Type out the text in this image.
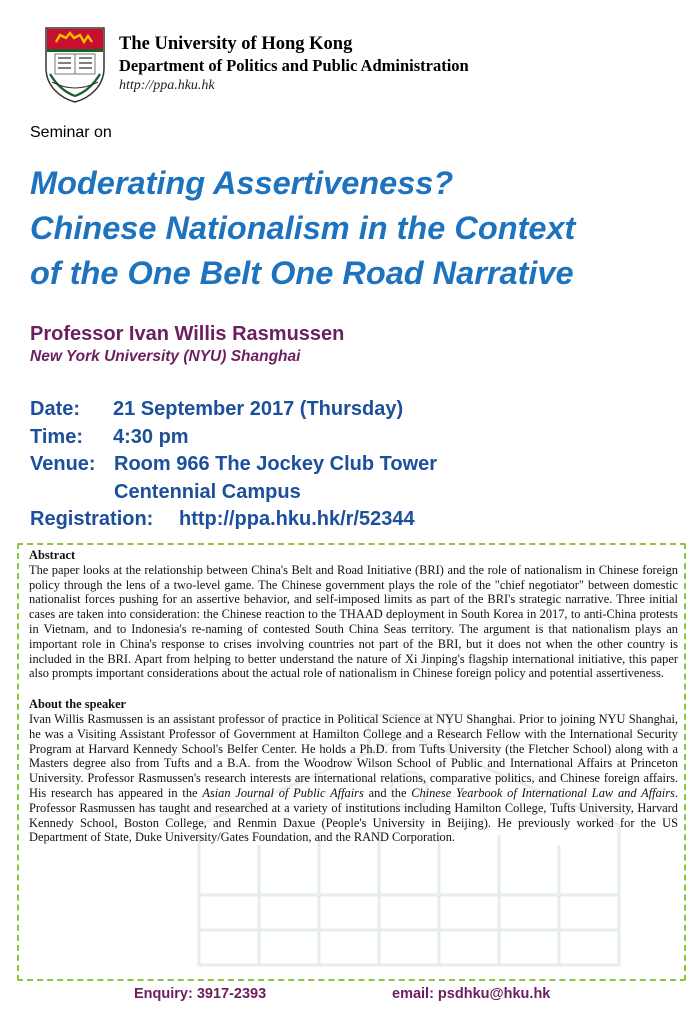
The University of Hong Kong
Department of Politics and Public Administration
http://ppa.hku.hk
Seminar on
Moderating Assertiveness?
Chinese Nationalism in the Context
of the One Belt One Road Narrative
Professor Ivan Willis Rasmussen
New York University (NYU) Shanghai
Date: 21 September 2017 (Thursday)
Time: 4:30 pm
Venue: Room 966 The Jockey Club Tower
Centennial Campus
Registration: http://ppa.hku.hk/r/52344
Abstract
The paper looks at the relationship between China's Belt and Road Initiative (BRI) and the role of nationalism in Chinese foreign policy through the lens of a two-level game. The Chinese government plays the role of the "chief negotiator" between domestic nationalist forces pushing for an assertive behavior, and self-imposed limits as part of the BRI's strategic narrative. Three initial cases are taken into consideration: the Chinese reaction to the THAAD deployment in South Korea in 2017, to anti-China protests in Vietnam, and to Indonesia's re-naming of contested South China Seas territory. The argument is that nationalism plays an important role in China's response to crises involving countries not part of the BRI, but it does not when the other country is included in the BRI. Apart from helping to better understand the nature of Xi Jinping's flagship international initiative, this paper also prompts important considerations about the actual role of nationalism in Chinese foreign policy and potential assertiveness.
About the speaker
Ivan Willis Rasmussen is an assistant professor of practice in Political Science at NYU Shanghai. Prior to joining NYU Shanghai, he was a Visiting Assistant Professor of Government at Hamilton College and a Research Fellow with the International Security Program at Harvard Kennedy School's Belfer Center. He holds a Ph.D. from Tufts University (the Fletcher School) along with a Masters degree also from Tufts and a B.A. from the Woodrow Wilson School of Public and International Affairs at Princeton University. Professor Rasmussen's research interests are international relations, comparative politics, and Chinese foreign affairs. His research has appeared in the Asian Journal of Public Affairs and the Chinese Yearbook of International Law and Affairs. Professor Rasmussen has taught and researched at a variety of institutions including Hamilton College, Tufts University, Harvard Kennedy School, Boston College, and Renmin Daxue (People's University in Beijing). He previously worked for the US Department of State, Duke University/Gates Foundation, and the RAND Corporation.
Enquiry: 3917-2393	email: psdhku@hku.hk
